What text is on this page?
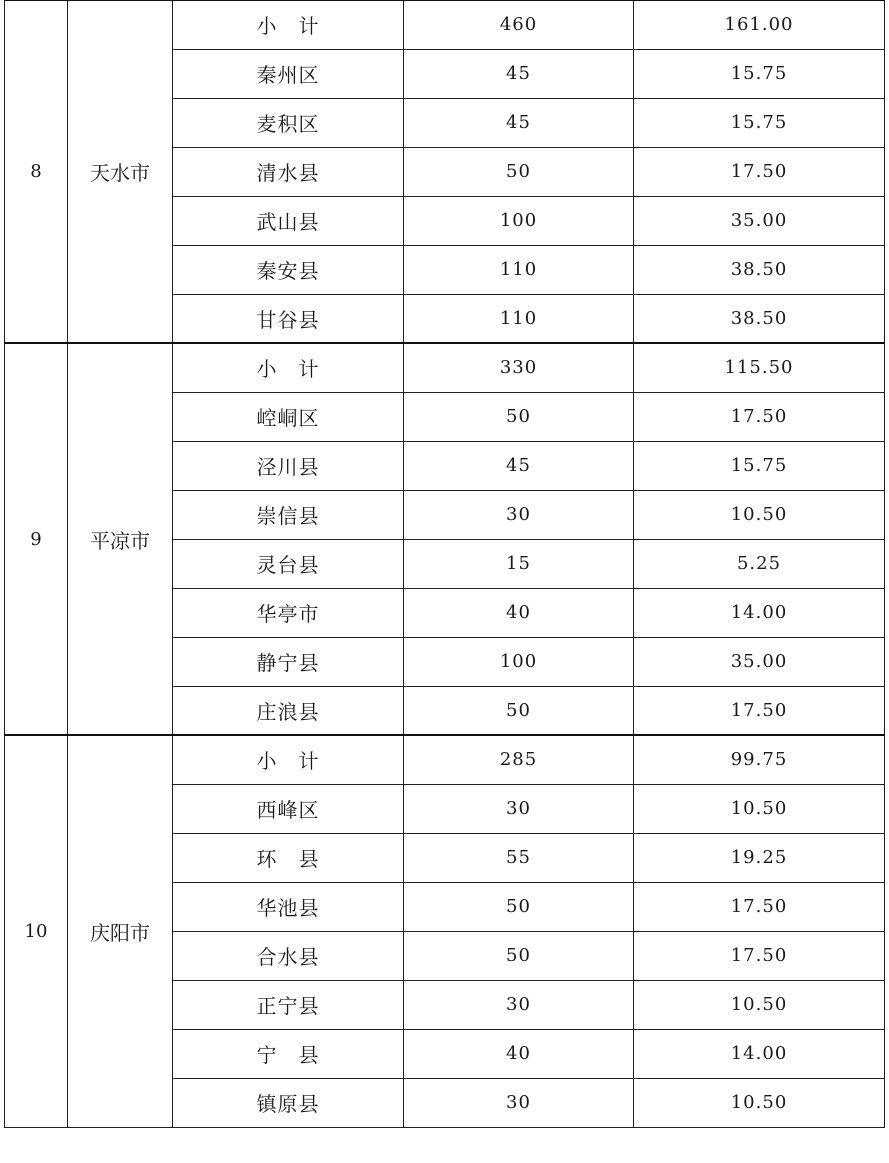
8	天水市	小　计	460	161.00
		秦州区	45	15.75
		麦积区	45	15.75
		清水县	50	17.50
		武山县	100	35.00
		秦安县	110	38.50
		甘谷县	110	38.50
9	平凉市	小　计	330	115.50
		崆峒区	50	17.50
		泾川县	45	15.75
		崇信县	30	10.50
		灵台县	15	5.25
		华亭市	40	14.00
		静宁县	100	35.00
		庄浪县	50	17.50
10	庆阳市	小　计	285	99.75
		西峰区	30	10.50
		环　县	55	19.25
		华池县	50	17.50
		合水县	50	17.50
		正宁县	30	10.50
		宁　县	40	14.00
		镇原县	30	10.50
